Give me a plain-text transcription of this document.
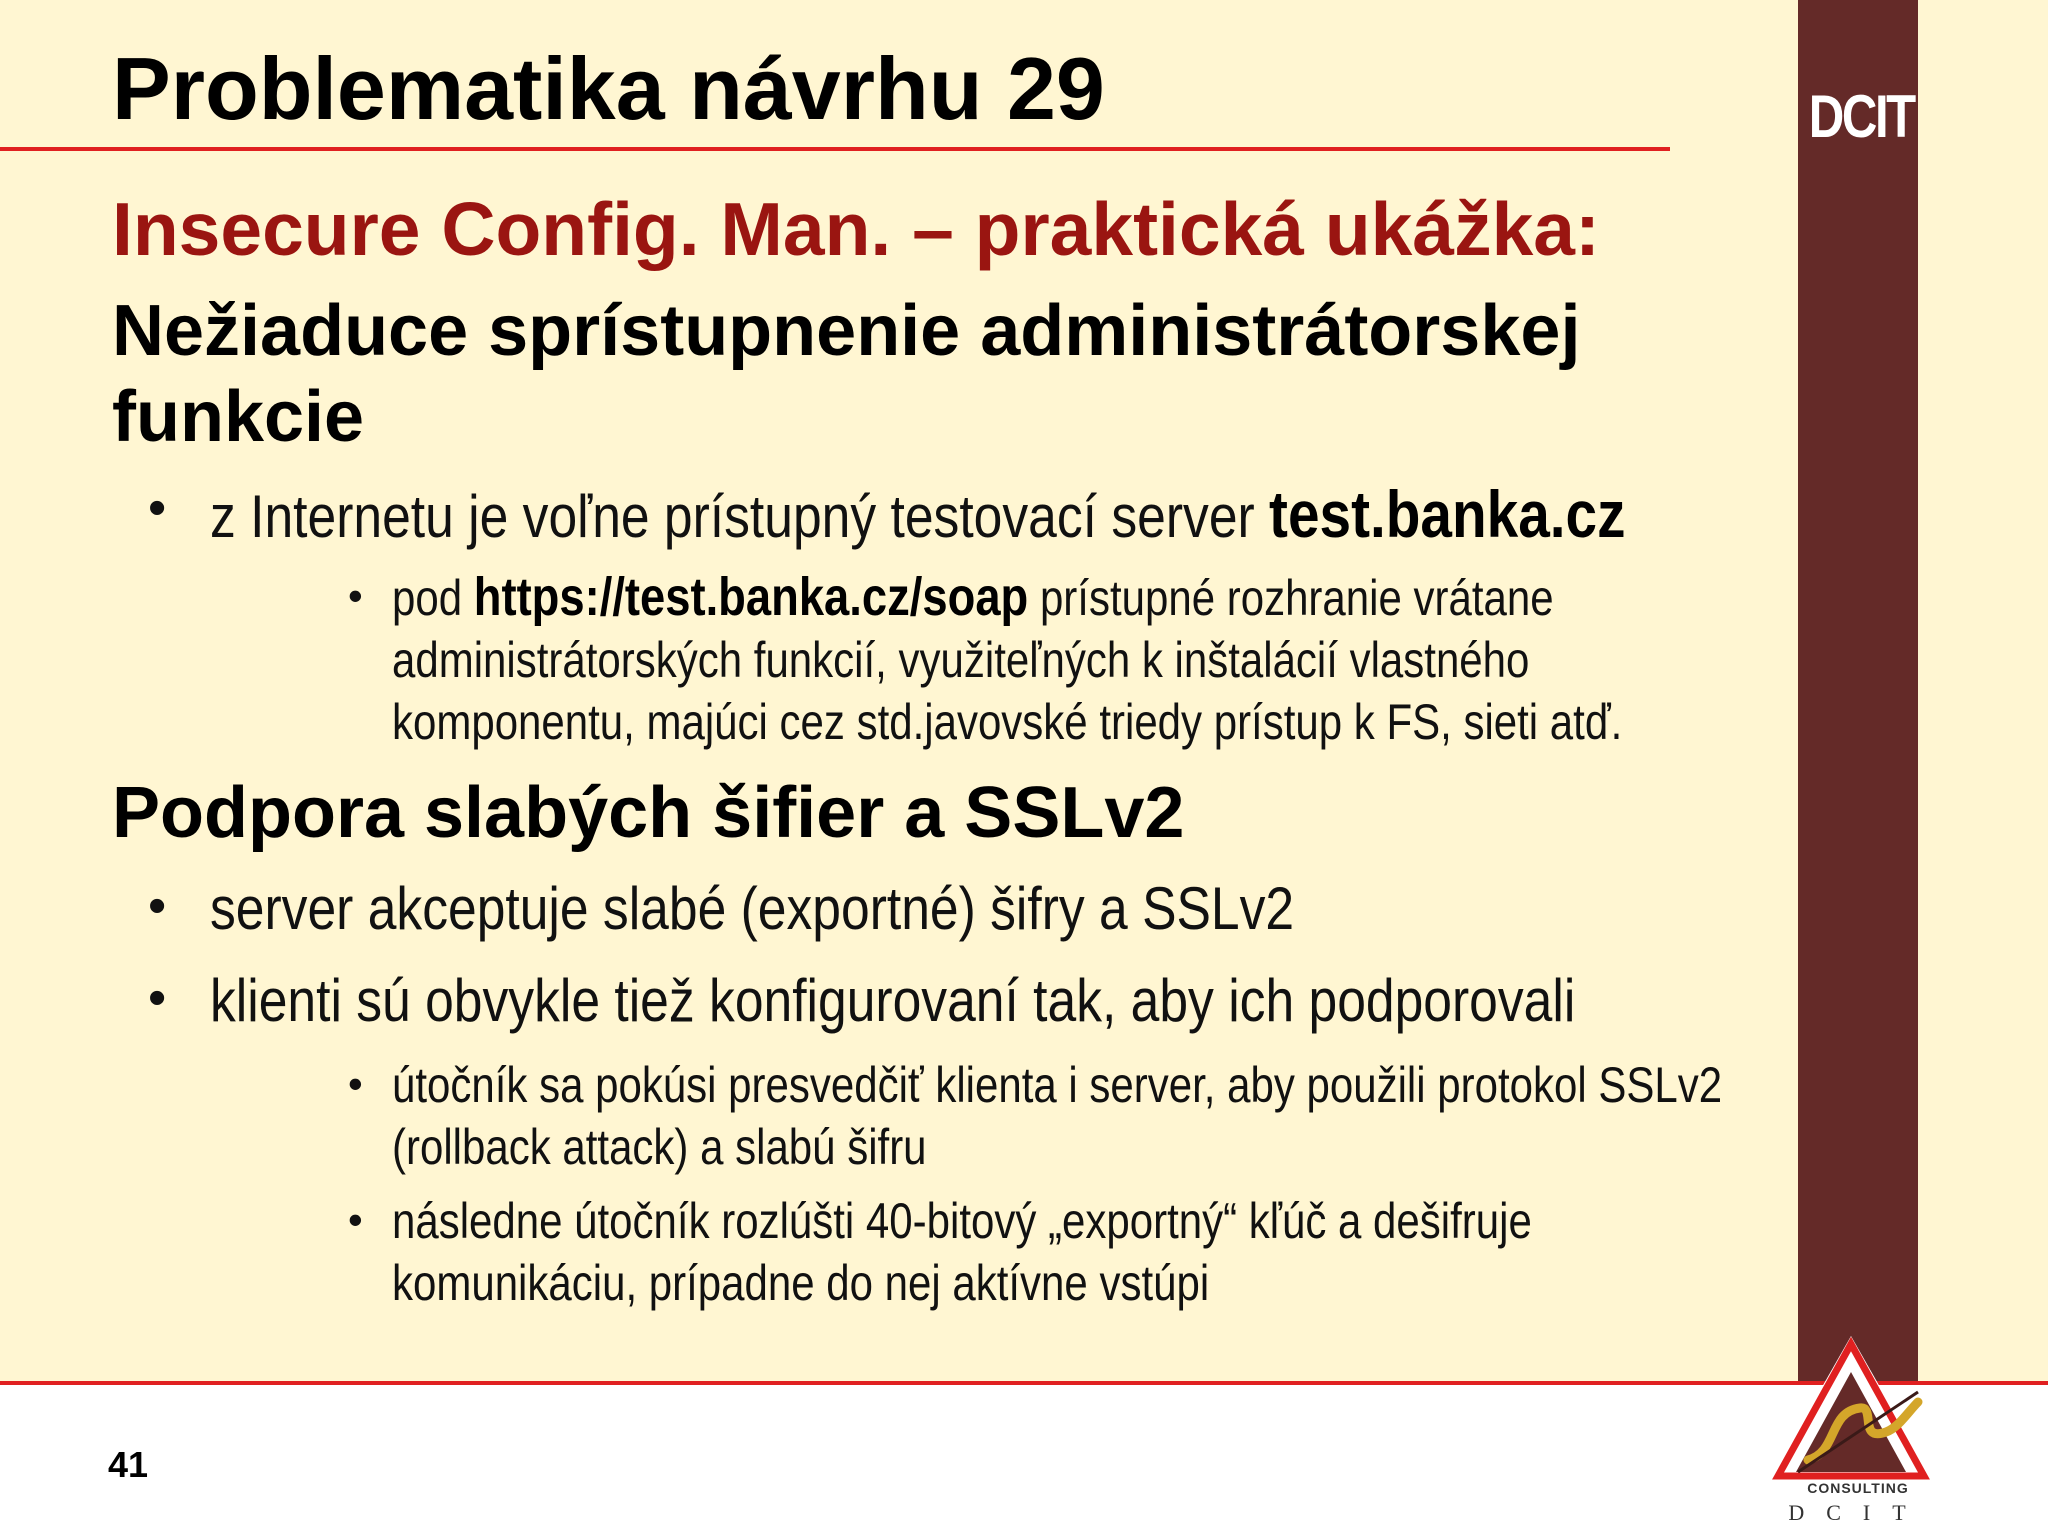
DCIT
Problematika návrhu 29
Insecure Config. Man. – praktická ukážka:
Nežiaduce sprístupnenie administrátorskej funkcie
• z Internetu je voľne prístupný testovací server test.banka.cz
• pod https://test.banka.cz/soap prístupné rozhranie vrátane administrátorských funkcií, využiteľných k inštalácií vlastného komponentu, majúci cez std.javovské triedy prístup k FS, sieti atď.
Podpora slabých šifier a SSLv2
• server akceptuje slabé (exportné) šifry a SSLv2
• klienti sú obvykle tiež konfigurovaní tak, aby ich podporovali
• útočník sa pokúsi presvedčiť klienta i server, aby použili protokol SSLv2 (rollback attack) a slabú šifru
• následne útočník rozlúšti 40-bitový „exportný“ kľúč a dešifruje komunikáciu, prípadne do nej aktívne vstúpi
41
CONSULTING
DCIT
